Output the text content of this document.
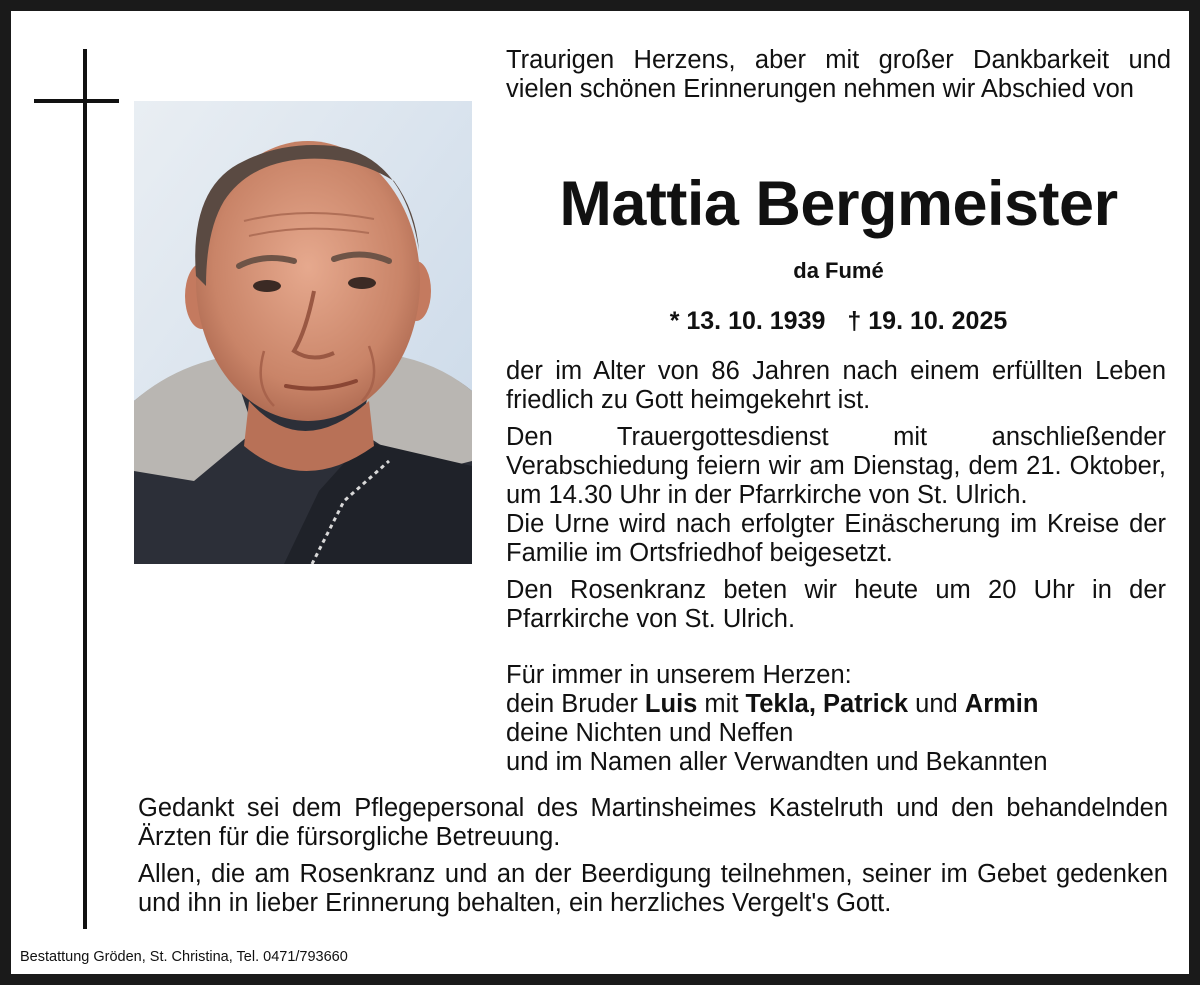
Traurigen Herzens, aber mit großer Dankbarkeit und vielen schönen Erinnerungen nehmen wir Abschied von
Mattia Bergmeister
da Fumé
* 13. 10. 1939 † 19. 10. 2025

der im Alter von 86 Jahren nach einem erfüllten Leben friedlich zu Gott heimgekehrt ist.

Den Trauergottesdienst mit anschließender Verabschiedung feiern wir am Dienstag, dem 21. Oktober, um 14.30 Uhr in der Pfarrkirche von St. Ulrich.

Die Urne wird nach erfolgter Einäscherung im Kreise der Familie im Ortsfriedhof beigesetzt.

Den Rosenkranz beten wir heute um 20 Uhr in der Pfarrkirche von St. Ulrich.

Für immer in unserem Herzen:
dein Bruder Luis mit Tekla, Patrick und Armin
deine Nichten und Neffen
und im Namen aller Verwandten und Bekannten

Gedankt sei dem Pflegepersonal des Martinsheimes Kastelruth und den behandelnden Ärzten für die fürsorgliche Betreuung.

Allen, die am Rosenkranz und an der Beerdigung teilnehmen, seiner im Gebet gedenken und ihn in lieber Erinnerung behalten, ein herzliches Vergelt's Gott.

Bestattung Gröden, St. Christina, Tel. 0471/793660
